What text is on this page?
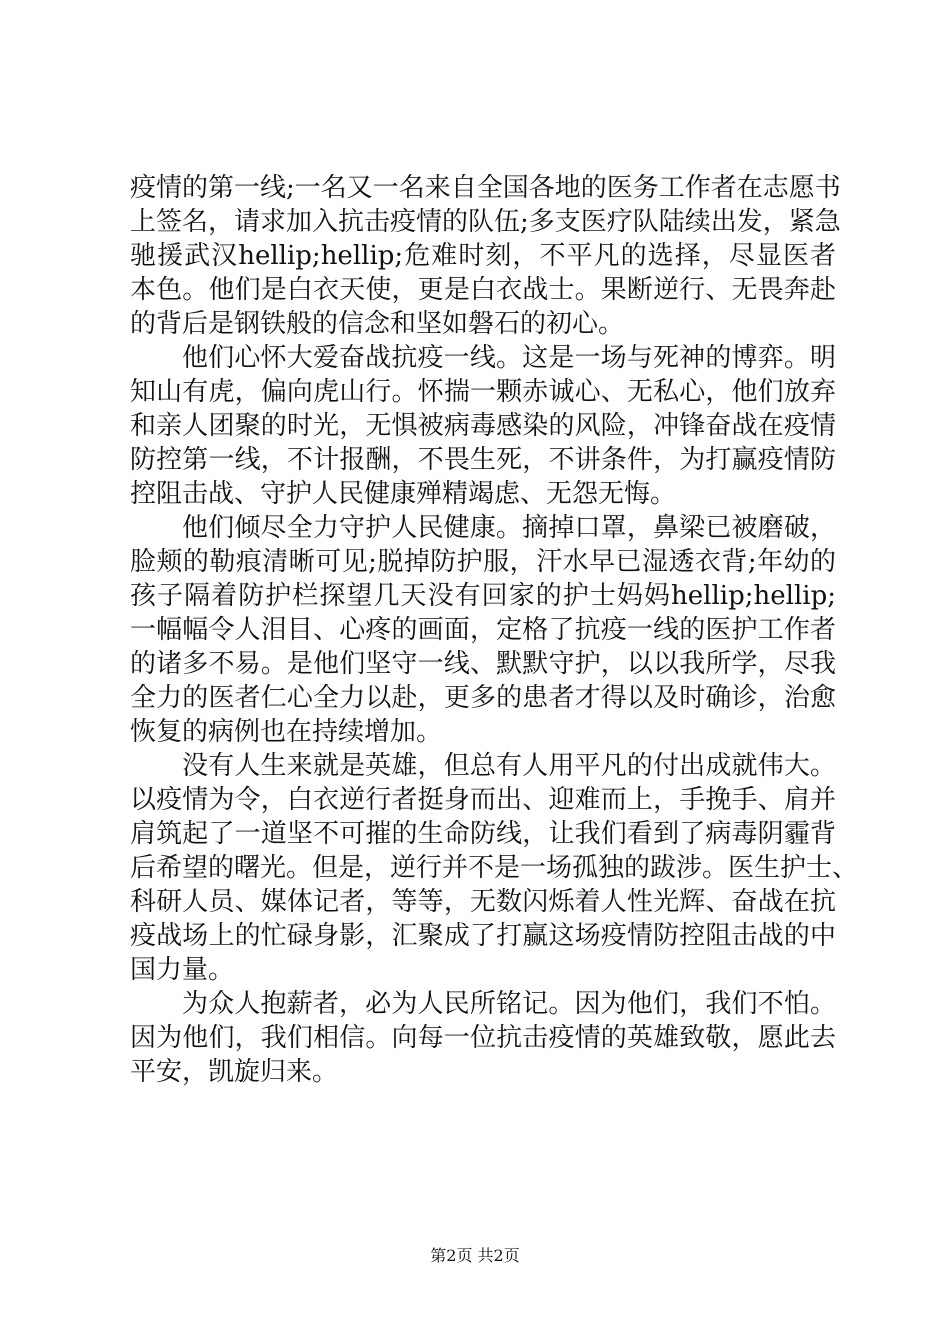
疫情的第一线;一名又一名来自全国各地的医务工作者在志愿书
上签名，请求加入抗击疫情的队伍;多支医疗队陆续出发，紧急
驰援武汉hellip;hellip;危难时刻，不平凡的选择，尽显医者
本色。他们是白衣天使，更是白衣战士。果断逆行、无畏奔赴
的背后是钢铁般的信念和坚如磐石的初心。
他们心怀大爱奋战抗疫一线。这是一场与死神的博弈。明
知山有虎，偏向虎山行。怀揣一颗赤诚心、无私心，他们放弃
和亲人团聚的时光，无惧被病毒感染的风险，冲锋奋战在疫情
防控第一线，不计报酬，不畏生死，不讲条件，为打赢疫情防
控阻击战、守护人民健康殚精竭虑、无怨无悔。
他们倾尽全力守护人民健康。摘掉口罩，鼻梁已被磨破，
脸颊的勒痕清晰可见;脱掉防护服，汗水早已湿透衣背;年幼的
孩子隔着防护栏探望几天没有回家的护士妈妈hellip;hellip;
一幅幅令人泪目、心疼的画面，定格了抗疫一线的医护工作者
的诸多不易。是他们坚守一线、默默守护，以以我所学，尽我
全力的医者仁心全力以赴，更多的患者才得以及时确诊，治愈
恢复的病例也在持续增加。
没有人生来就是英雄，但总有人用平凡的付出成就伟大。
以疫情为令，白衣逆行者挺身而出、迎难而上，手挽手、肩并
肩筑起了一道坚不可摧的生命防线，让我们看到了病毒阴霾背
后希望的曙光。但是，逆行并不是一场孤独的跋涉。医生护士、
科研人员、媒体记者，等等，无数闪烁着人性光辉、奋战在抗
疫战场上的忙碌身影，汇聚成了打赢这场疫情防控阻击战的中
国力量。
为众人抱薪者，必为人民所铭记。因为他们，我们不怕。
因为他们，我们相信。向每一位抗击疫情的英雄致敬，愿此去
平安，凯旋归来。
第2页 共2页
